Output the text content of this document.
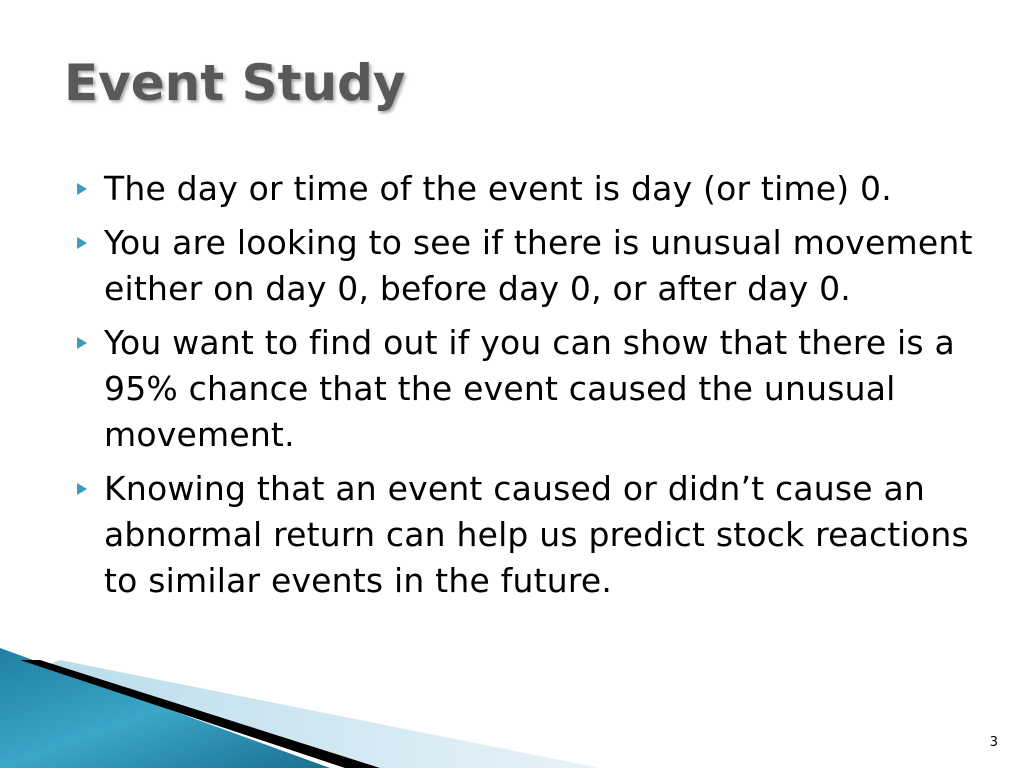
Event Study
The day or time of the event is day (or time) 0.
You are looking to see if there is unusual movement either on day 0, before day 0, or after day 0.
You want to find out if you can show that there is a 95% chance that the event caused the unusual movement.
Knowing that an event caused or didn’t cause an abnormal return can help us predict stock reactions to similar events in the future.
3
